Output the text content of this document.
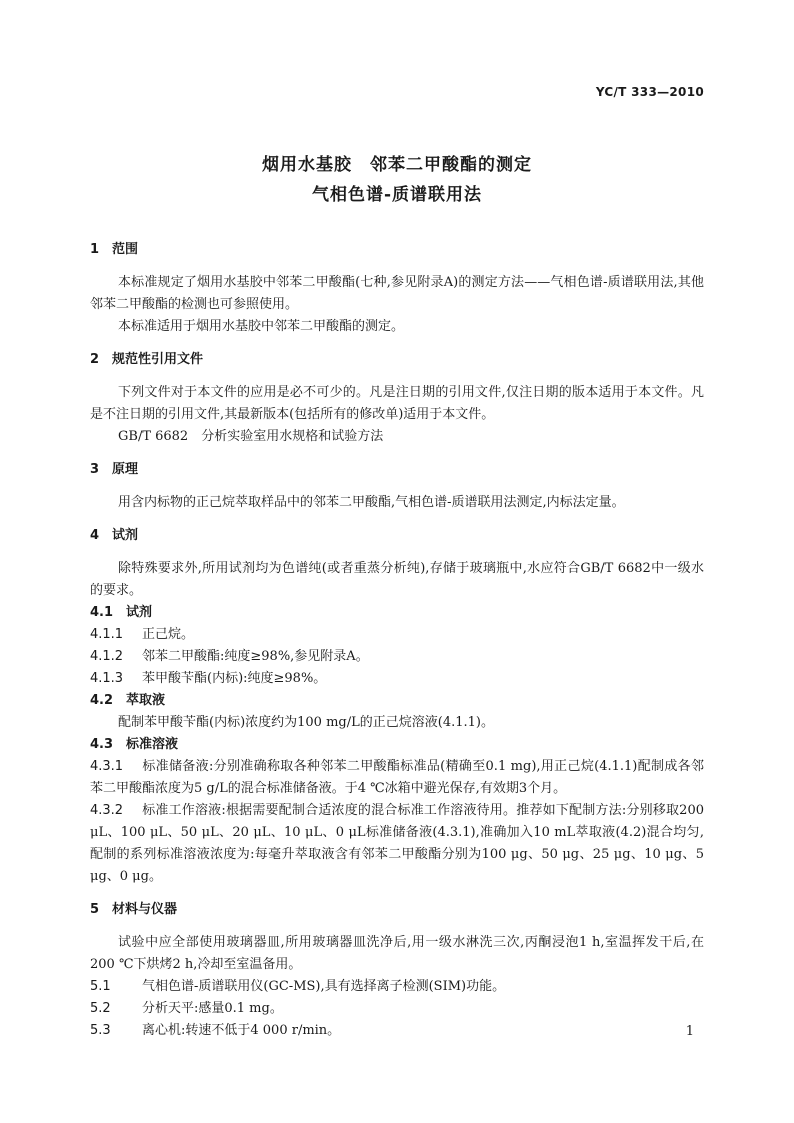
YC/T 333—2010
烟用水基胶　邻苯二甲酸酯的测定
气相色谱-质谱联用法
1 范围

本标准规定了烟用水基胶中邻苯二甲酸酯(七种,参见附录A)的测定方法——气相色谱-质谱联用法,其他邻苯二甲酸酯的检测也可参照使用。

本标准适用于烟用水基胶中邻苯二甲酸酯的测定。

2 规范性引用文件

下列文件对于本文件的应用是必不可少的。凡是注日期的引用文件,仅注日期的版本适用于本文件。凡是不注日期的引用文件,其最新版本(包括所有的修改单)适用于本文件。

GB/T 6682　分析实验室用水规格和试验方法

3 原理

用含内标物的正己烷萃取样品中的邻苯二甲酸酯,气相色谱-质谱联用法测定,内标法定量。

4 试剂

除特殊要求外,所用试剂均为色谱纯(或者重蒸分析纯),存储于玻璃瓶中,水应符合GB/T 6682中一级水的要求。

4.1 试剂

4.1.1 正己烷。

4.1.2 邻苯二甲酸酯:纯度≥98%,参见附录A。

4.1.3 苯甲酸苄酯(内标):纯度≥98%。

4.2 萃取液

配制苯甲酸苄酯(内标)浓度约为100 mg/L的正己烷溶液(4.1.1)。

4.3 标准溶液

4.3.1 标准储备液:分别准确称取各种邻苯二甲酸酯标准品(精确至0.1 mg),用正己烷(4.1.1)配制成各邻苯二甲酸酯浓度为5 g/L的混合标准储备液。于4 ℃冰箱中避光保存,有效期3个月。

4.3.2 标准工作溶液:根据需要配制合适浓度的混合标准工作溶液待用。推荐如下配制方法:分别移取200 μL、100 μL、50 μL、20 μL、10 μL、0 μL标准储备液(4.3.1),准确加入10 mL萃取液(4.2)混合均匀,配制的系列标准溶液浓度为:每毫升萃取液含有邻苯二甲酸酯分别为100 μg、50 μg、25 μg、10 μg、5 μg、0 μg。

5 材料与仪器

试验中应全部使用玻璃器皿,所用玻璃器皿洗净后,用一级水淋洗三次,丙酮浸泡1 h,室温挥发干后,在200 ℃下烘烤2 h,冷却至室温备用。

5.1 气相色谱-质谱联用仪(GC-MS),具有选择离子检测(SIM)功能。

5.2 分析天平:感量0.1 mg。

5.3 离心机:转速不低于4 000 r/min。	1
